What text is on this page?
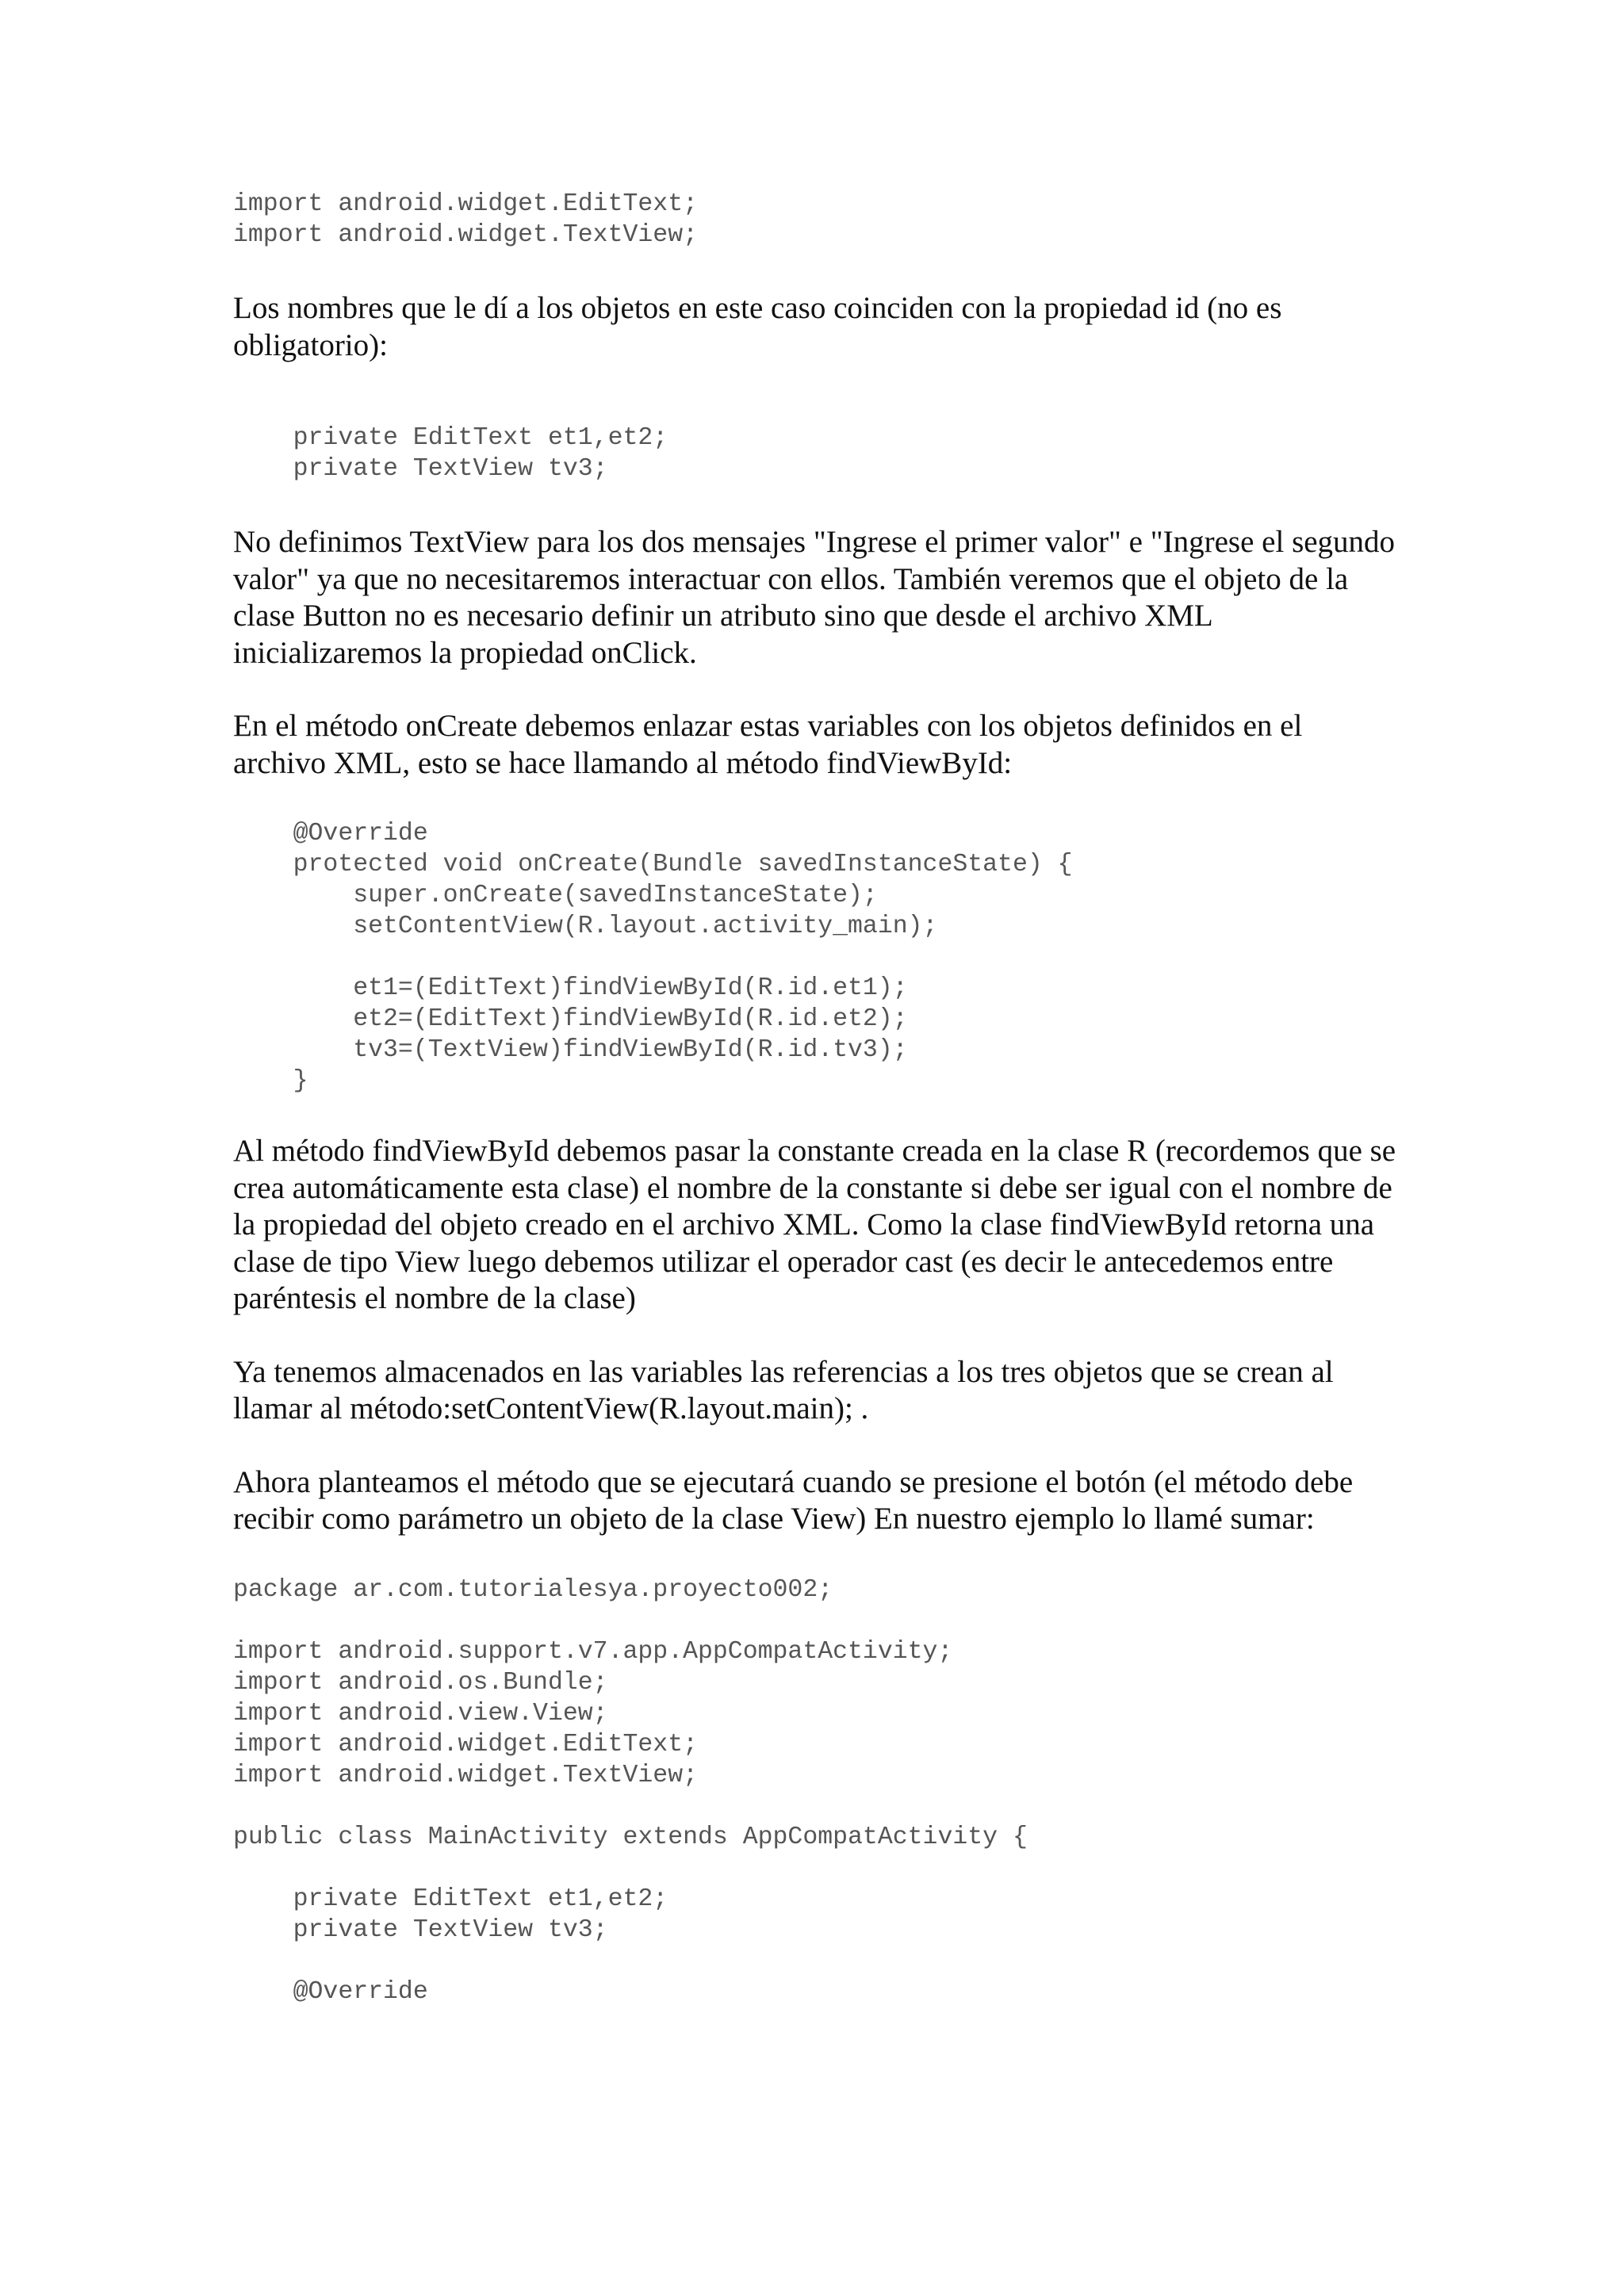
import android.widget.EditText;
import android.widget.TextView;

Los nombres que le dí a los objetos en este caso coinciden con la propiedad id (no es obligatorio):

private EditText et1,et2;
private TextView tv3;

No definimos TextView para los dos mensajes "Ingrese el primer valor" e "Ingrese el segundo valor" ya que no necesitaremos interactuar con ellos. También veremos que el objeto de la clase Button no es necesario definir un atributo sino que desde el archivo XML inicializaremos la propiedad onClick.

En el método onCreate debemos enlazar estas variables con los objetos definidos en el archivo XML, esto se hace llamando al método findViewById:

@Override
protected void onCreate(Bundle savedInstanceState) {
super.onCreate(savedInstanceState);
setContentView(R.layout.activity_main);

et1=(EditText)findViewById(R.id.et1);
et2=(EditText)findViewById(R.id.et2);
tv3=(TextView)findViewById(R.id.tv3);
}

Al método findViewById debemos pasar la constante creada en la clase R (recordemos que se crea automáticamente esta clase) el nombre de la constante si debe ser igual con el nombre de la propiedad del objeto creado en el archivo XML. Como la clase findViewById retorna una clase de tipo View luego debemos utilizar el operador cast (es decir le antecedemos entre paréntesis el nombre de la clase)

Ya tenemos almacenados en las variables las referencias a los tres objetos que se crean al llamar al método:setContentView(R.layout.main); .

Ahora planteamos el método que se ejecutará cuando se presione el botón (el método debe recibir como parámetro un objeto de la clase View) En nuestro ejemplo lo llamé sumar:

package ar.com.tutorialesya.proyecto002;

import android.support.v7.app.AppCompatActivity;
import android.os.Bundle;
import android.view.View;
import android.widget.EditText;
import android.widget.TextView;

public class MainActivity extends AppCompatActivity {

private EditText et1,et2;
private TextView tv3;

@Override
